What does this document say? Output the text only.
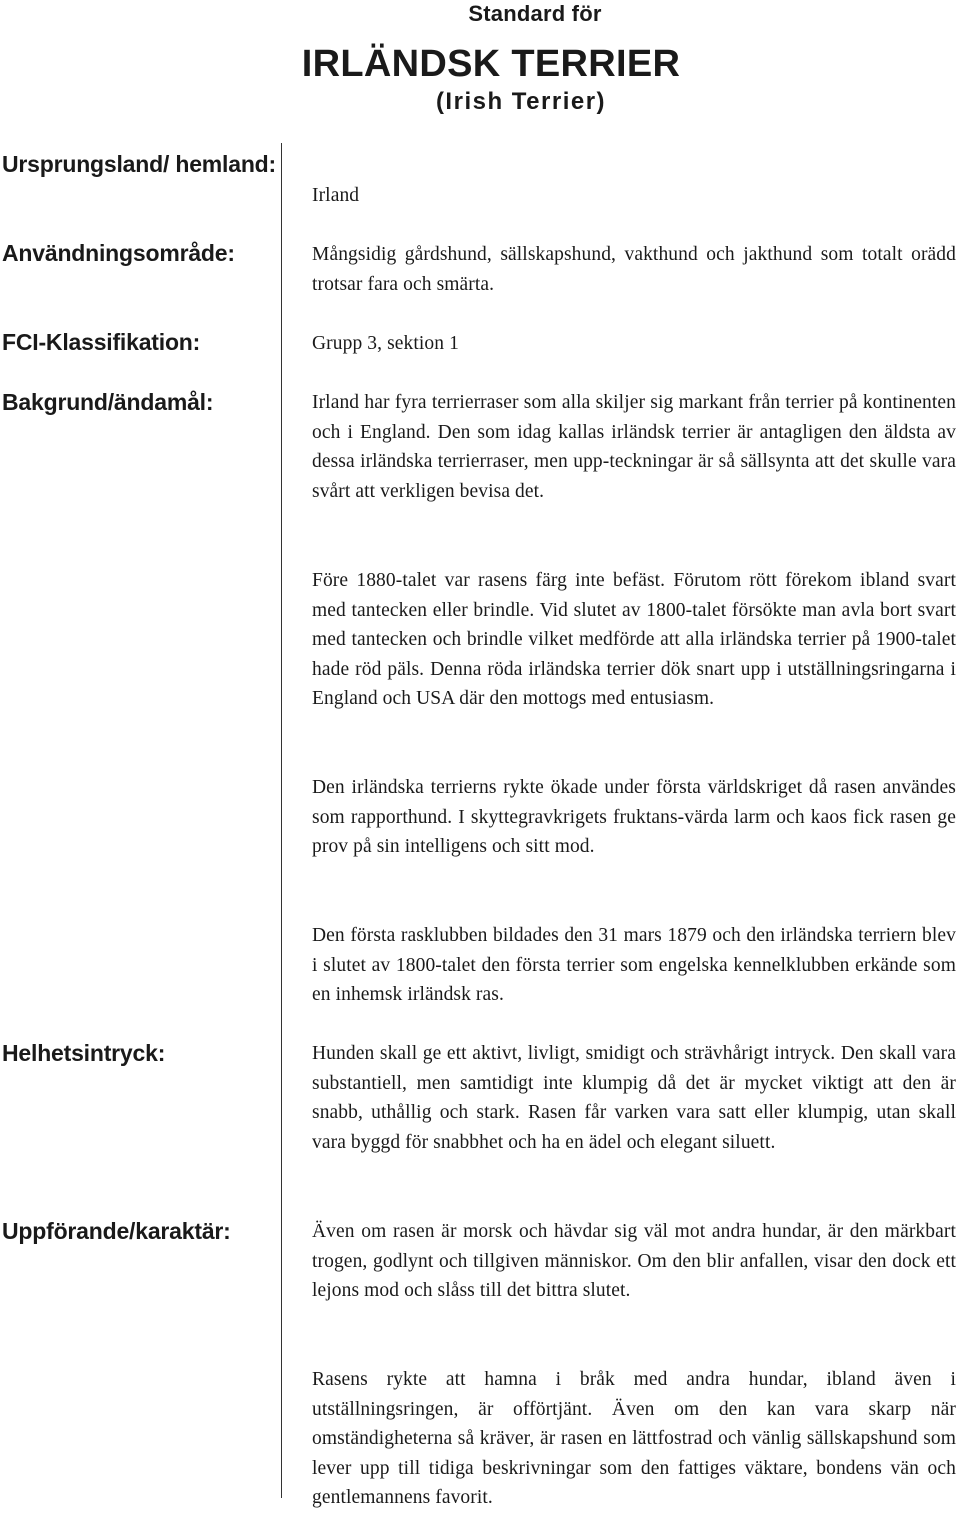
Standard för
IRLÄNDSK TERRIER
(Irish Terrier)
Ursprungsland/ hemland:
Irland
Användningsområde:	Mångsidig gårdshund, sällskapshund, vakthund och jakthund som totalt orädd trotsar fara och smärta.
FCI-Klassifikation:	Grupp 3, sektion 1
Bakgrund/ändamål:	Irland har fyra terrierraser som alla skiljer sig markant från terrier på kontinenten och i England. Den som idag kallas irländsk terrier är antagligen den äldsta av dessa irländska terrierraser, men upp-teckningar är så sällsynta att det skulle vara svårt att verkligen bevisa det.
Före 1880-talet var rasens färg inte befäst. Förutom rött förekom ibland svart med tantecken eller brindle. Vid slutet av 1800-talet försökte man avla bort svart med tantecken och brindle vilket medförde att alla irländska terrier på 1900-talet hade röd päls. Denna röda irländska terrier dök snart upp i utställningsringarna i England och USA där den mottogs med entusiasm.
Den irländska terrierns rykte ökade under första världskriget då rasen användes som rapporthund. I skyttegravkrigets fruktans-värda larm och kaos fick rasen ge prov på sin intelligens och sitt mod.
Den första rasklubben bildades den 31 mars 1879 och den irländska terriern blev i slutet av 1800-talet den första terrier som engelska kennelklubben erkände som en inhemsk irländsk ras.
Helhetsintryck:	Hunden skall ge ett aktivt, livligt, smidigt och strävhårigt intryck. Den skall vara substantiell, men samtidigt inte klumpig då det är mycket viktigt att den är snabb, uthållig och stark. Rasen får varken vara satt eller klumpig, utan skall vara byggd för snabbhet och ha en ädel och elegant siluett.
Uppförande/karaktär:	Även om rasen är morsk och hävdar sig väl mot andra hundar, är den märkbart trogen, godlynt och tillgiven människor. Om den blir anfallen, visar den dock ett lejons mod och slåss till det bittra slutet.
Rasens rykte att hamna i bråk med andra hundar, ibland även i utställningsringen, är offörtjänt. Även om den kan vara skarp när omständigheterna så kräver, är rasen en lättfostrad och vänlig sällskapshund som lever upp till tidiga beskrivningar som den fattiges väktare, bondens vän och gentlemannens favorit.
